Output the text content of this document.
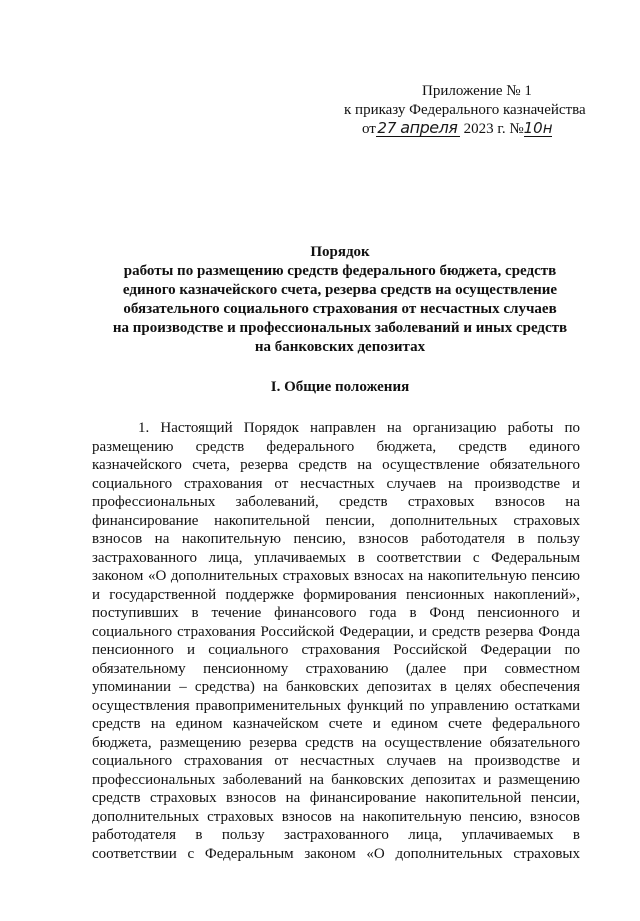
Приложение № 1
к приказу Федерального казначейства
от27 апреля 2023 г. №10н
Порядок
работы по размещению средств федерального бюджета, средств
единого казначейского счета, резерва средств на осуществление
обязательного социального страхования от несчастных случаев
на производстве и профессиональных заболеваний и иных средств
на банковских депозитах
I. Общие положения
1. Настоящий Порядок направлен на организацию работы по
размещению средств федерального бюджета, средств единого
казначейского счета, резерва средств на осуществление обязательного
социального страхования от несчастных случаев на производстве и
профессиональных заболеваний, средств страховых взносов на
финансирование накопительной пенсии, дополнительных страховых
взносов на накопительную пенсию, взносов работодателя в пользу
застрахованного лица, уплачиваемых в соответствии с Федеральным
законом «О дополнительных страховых взносах на накопительную пенсию
и государственной поддержке формирования пенсионных накоплений»,
поступивших в течение финансового года в Фонд пенсионного и
социального страхования Российской Федерации, и средств резерва Фонда
пенсионного и социального страхования Российской Федерации по
обязательному пенсионному страхованию (далее при совместном
упоминании – средства) на банковских депозитах в целях обеспечения
осуществления правоприменительных функций по управлению остатками
средств на едином казначейском счете и едином счете федерального
бюджета, размещению резерва средств на осуществление обязательного
социального страхования от несчастных случаев на производстве и
профессиональных заболеваний на банковских депозитах и размещению
средств страховых взносов на финансирование накопительной пенсии,
дополнительных страховых взносов на накопительную пенсию, взносов
работодателя в пользу застрахованного лица, уплачиваемых в
соответствии с Федеральным законом «О дополнительных страховых
